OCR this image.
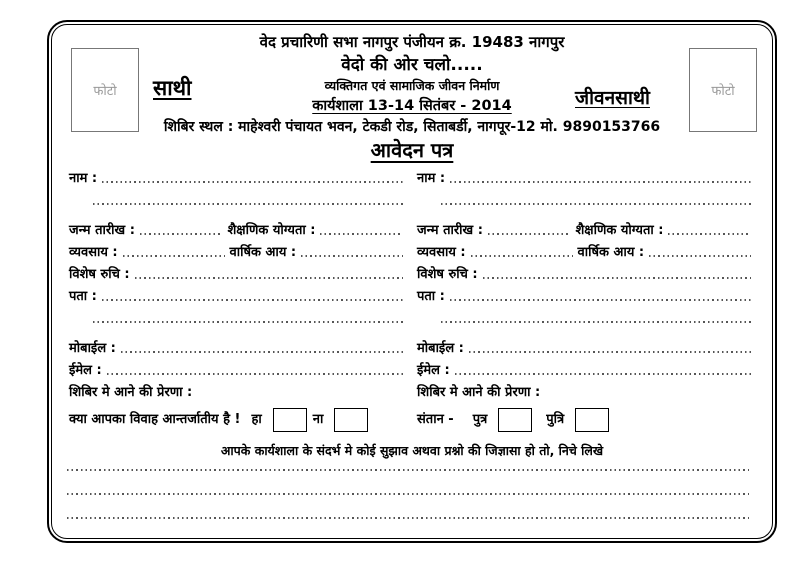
फोटो	फोटो
साथी	जीवनसाथी
वेद प्रचारिणी सभा नागपुर पंजीयन क्र. 19483 नागपुर
वेदो की ओर चलो.....
व्यक्तिगत एवं सामाजिक जीवन निर्माण
कार्यशाला 13-14 सितंबर - 2014
शिबिर स्थल : माहेश्वरी पंचायत भवन, टेकडी रोड, सिताबर्डी, नागपूर-12 मो. 9890153766
आवेदन पत्र
नाम :
जन्म तारीख :	शैक्षणिक योग्यता :
व्यवसाय :	वार्षिक आय :
विशेष रुचि :
पता :
मोबाईल :
ईमेल :
शिबिर मे आने की प्रेरणा :
क्या आपका विवाह आन्तर्जातीय है ! हा	ना
नाम :
जन्म तारीख :	शैक्षणिक योग्यता :
व्यवसाय :	वार्षिक आय :
विशेष रुचि :
पता :
मोबाईल :
ईमेल :
शिबिर मे आने की प्रेरणा :
संतान -	पुत्र	पुत्रि
आपके कार्यशाला के संदर्भ मे कोई सुझाव अथवा प्रश्नो की जिज्ञासा हो तो, निचे लिखे
